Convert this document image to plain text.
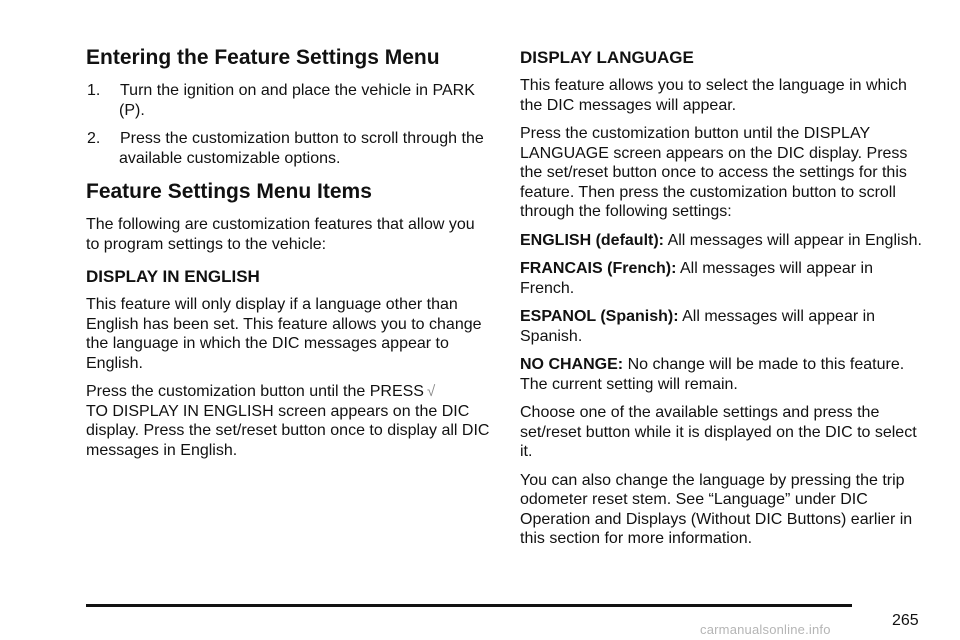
Entering the Feature Settings Menu
1. Turn the ignition on and place the vehicle in PARK (P).
2. Press the customization button to scroll through the available customizable options.
Feature Settings Menu Items

The following are customization features that allow you to program settings to the vehicle:

DISPLAY IN ENGLISH

This feature will only display if a language other than English has been set. This feature allows you to change the language in which the DIC messages appear to English.

Press the customization button until the PRESS √
TO DISPLAY IN ENGLISH screen appears on the DIC display. Press the set/reset button once to display all DIC messages in English.

DISPLAY LANGUAGE

This feature allows you to select the language in which the DIC messages will appear.

Press the customization button until the DISPLAY LANGUAGE screen appears on the DIC display. Press the set/reset button once to access the settings for this feature. Then press the customization button to scroll through the following settings:

ENGLISH (default): All messages will appear in English.

FRANCAIS (French): All messages will appear in French.

ESPANOL (Spanish): All messages will appear in Spanish.

NO CHANGE: No change will be made to this feature. The current setting will remain.

Choose one of the available settings and press the set/reset button while it is displayed on the DIC to select it.

You can also change the language by pressing the trip odometer reset stem. See “Language” under DIC Operation and Displays (Without DIC Buttons) earlier in this section for more information.

265
carmanualsonline.info
